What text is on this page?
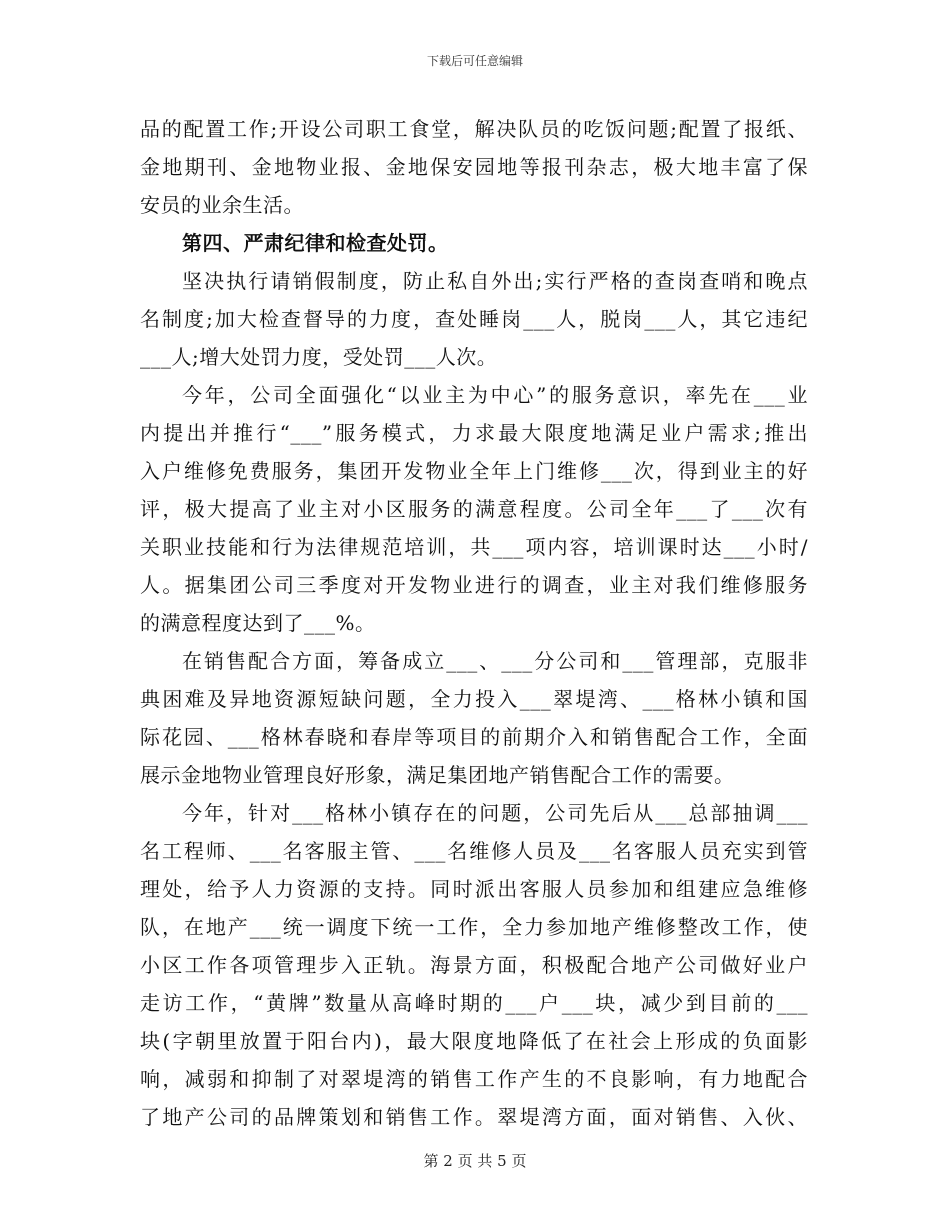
下载后可任意编辑
品的配置工作;开设公司职工食堂，解决队员的吃饭问题;配置了报纸、
金地期刊、金地物业报、金地保安园地等报刊杂志，极大地丰富了保
安员的业余生活。
第四、严肃纪律和检查处罚。
坚决执行请销假制度，防止私自外出;实行严格的查岗查哨和晚点
名制度;加大检查督导的力度，查处睡岗___人，脱岗___人，其它违纪
___人;增大处罚力度，受处罚___人次。
今年，公司全面强化“以业主为中心”的服务意识，率先在___业
内提出并推行“___”服务模式，力求最大限度地满足业户需求;推出
入户维修免费服务，集团开发物业全年上门维修___次，得到业主的好
评，极大提高了业主对小区服务的满意程度。公司全年___了___次有
关职业技能和行为法律规范培训，共___项内容，培训课时达___小时/
人。据集团公司三季度对开发物业进行的调查，业主对我们维修服务
的满意程度达到了___%。
在销售配合方面，筹备成立___、___分公司和___管理部，克服非
典困难及异地资源短缺问题，全力投入___翠堤湾、___格林小镇和国
际花园、___格林春晓和春岸等项目的前期介入和销售配合工作，全面
展示金地物业管理良好形象，满足集团地产销售配合工作的需要。
今年，针对___格林小镇存在的问题，公司先后从___总部抽调___
名工程师、___名客服主管、___名维修人员及___名客服人员充实到管
理处，给予人力资源的支持。同时派出客服人员参加和组建应急维修
队，在地产___统一调度下统一工作，全力参加地产维修整改工作，使
小区工作各项管理步入正轨。海景方面，积极配合地产公司做好业户
走访工作，“黄牌”数量从高峰时期的___户___块，减少到目前的___
块(字朝里放置于阳台内)，最大限度地降低了在社会上形成的负面影
响，减弱和抑制了对翠堤湾的销售工作产生的不良影响，有力地配合
了地产公司的品牌策划和销售工作。翠堤湾方面，面对销售、入伙、
第 2 页 共 5 页
